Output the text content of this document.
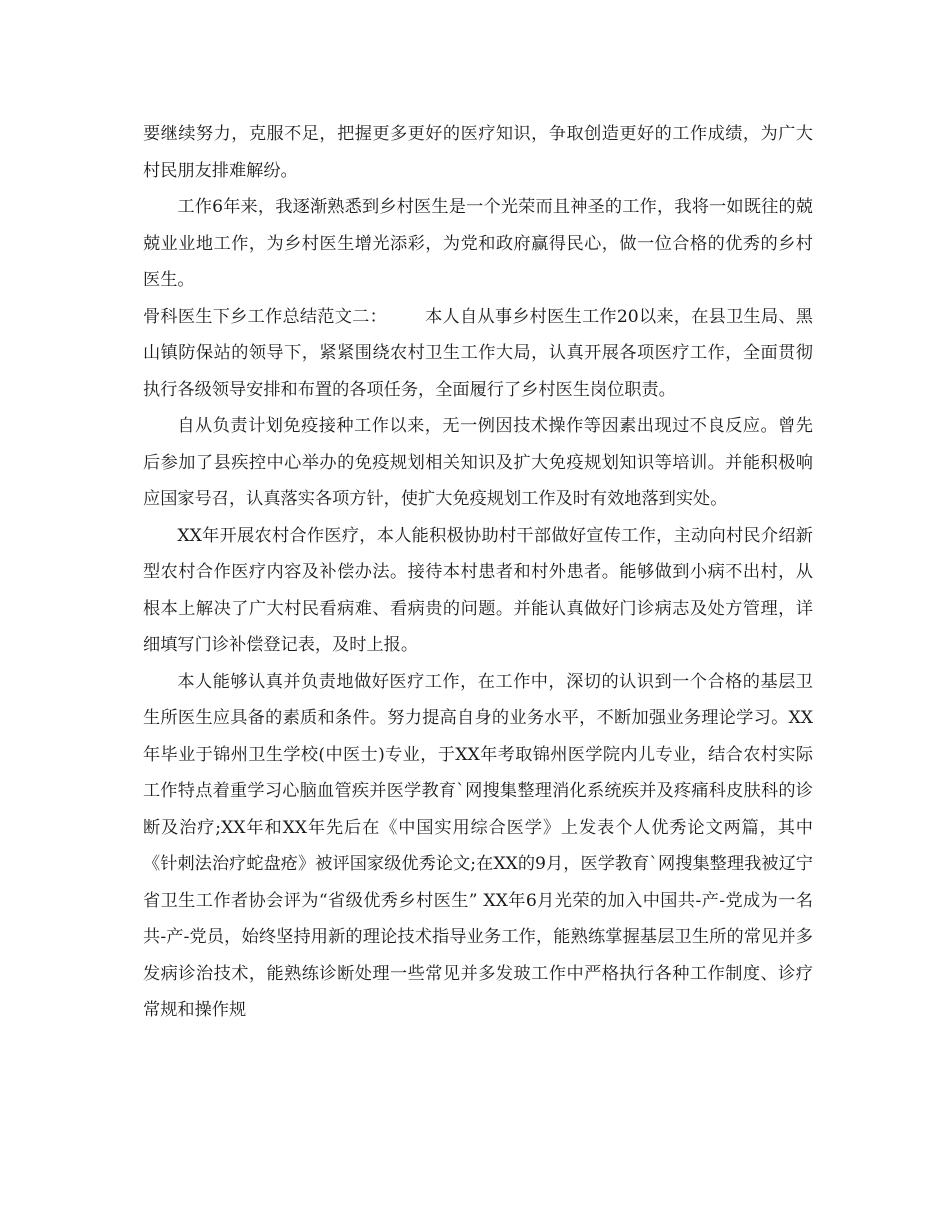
要继续努力，克服不足，把握更多更好的医疗知识，争取创造更好的工作成绩，为广大村民朋友排难解纷。

工作6年来，我逐渐熟悉到乡村医生是一个光荣而且神圣的工作，我将一如既往的兢兢业业地工作，为乡村医生增光添彩，为党和政府赢得民心，做一位合格的优秀的乡村医生。

骨科医生下乡工作总结范文二： 本人自从事乡村医生工作20以来，在县卫生局、黑山镇防保站的领导下，紧紧围绕农村卫生工作大局，认真开展各项医疗工作，全面贯彻执行各级领导安排和布置的各项任务，全面履行了乡村医生岗位职责。

自从负责计划免疫接种工作以来，无一例因技术操作等因素出现过不良反应。曾先后参加了县疾控中心举办的免疫规划相关知识及扩大免疫规划知识等培训。并能积极响应国家号召，认真落实各项方针，使扩大免疫规划工作及时有效地落到实处。

XX年开展农村合作医疗，本人能积极协助村干部做好宣传工作，主动向村民介绍新型农村合作医疗内容及补偿办法。接待本村患者和村外患者。能够做到小病不出村，从根本上解决了广大村民看病难、看病贵的问题。并能认真做好门诊病志及处方管理，详细填写门诊补偿登记表，及时上报。

本人能够认真并负责地做好医疗工作，在工作中，深切的认识到一个合格的基层卫生所医生应具备的素质和条件。努力提高自身的业务水平，不断加强业务理论学习。XX年毕业于锦州卫生学校(中医士)专业，于XX年考取锦州医学院内儿专业，结合农村实际工作特点着重学习心脑血管疾并医学教育`网搜集整理消化系统疾并及疼痛科皮肤科的诊断及治疗;XX年和XX年先后在《中国实用综合医学》上发表个人优秀论文两篇，其中《针刺法治疗蛇盘疮》被评国家级优秀论文;在XX的9月，医学教育`网搜集整理我被辽宁省卫生工作者协会评为“省级优秀乡村医生” XX年6月光荣的加入中国共-产-党成为一名共-产-党员，始终坚持用新的理论技术指导业务工作，能熟练掌握基层卫生所的常见并多发病诊治技术，能熟练诊断处理一些常见并多发玻工作中严格执行各种工作制度、诊疗常规和操作规
